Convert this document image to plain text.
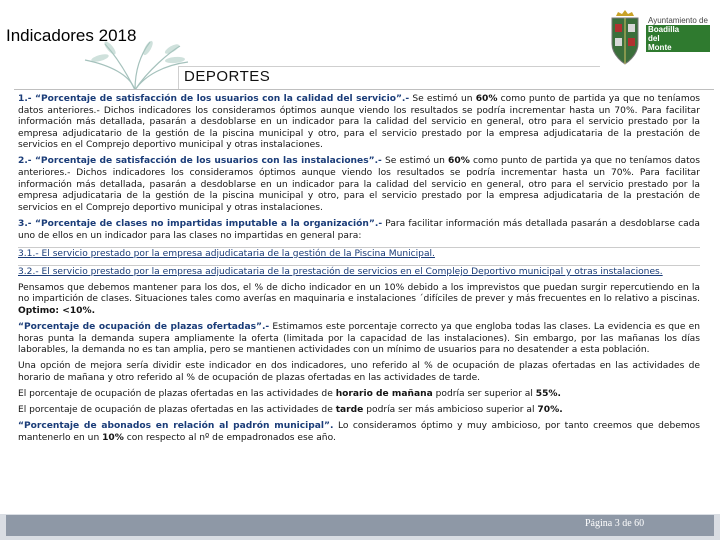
Indicadores 2018
Ayuntamiento de
Boadilla
del
Monte
DEPORTES

1.- “Porcentaje de satisfacción de los usuarios con la calidad del servicio”.- Se estimó un 60% como punto de partida ya que no teníamos datos anteriores.- Dichos indicadores los consideramos óptimos aunque viendo los resultados se podría incrementar hasta un 70%. Para facilitar información más detallada, pasarán a desdoblarse en un indicador para la calidad del servicio en general, otro para el servicio prestado por la empresa adjudicatario de la gestión de la piscina municipal y otro, para el servicio prestado por la empresa adjudicataria de la prestación de servicios en el Comprejo deportivo municipal y otras instalaciones.

2.- “Porcentaje de satisfacción de los usuarios con las instalaciones”.- Se estimó un 60% como punto de partida ya que no teníamos datos anteriores.- Dichos indicadores los consideramos óptimos aunque viendo los resultados se podría incrementar hasta un 70%. Para facilitar información más detallada, pasarán a desdoblarse en un indicador para la calidad del servicio en general, otro para el servicio prestado por la empresa adjudicataria de la gestión de la piscina municipal y otro, para el servicio prestado por la empresa adjudicataria de la prestación de servicios en el Comprejo deportivo municipal y otras instalaciones.

3.- “Porcentaje de clases no impartidas imputable a la organización”.- Para facilitar información más detallada pasarán a desdoblarse cada uno de ellos en un indicador para las clases no impartidas en general para:

3.1.- El servicio prestado por la empresa adjudicataria de la gestión de la Piscina Municipal.

3.2.- El servicio prestado por la empresa adjudicataria de la prestación de servicios en el Complejo Deportivo municipal y otras instalaciones.

Pensamos que debemos mantener para los dos, el % de dicho indicador en un 10% debido a los imprevistos que puedan surgir repercutiendo en la no impartición de clases. Situaciones tales como averías en maquinaria e instalaciones ´difíciles de prever y más frecuentes en lo relativo a piscinas. Optimo: <10%.

“Porcentaje de ocupación de plazas ofertadas”.- Estimamos este porcentaje correcto ya que engloba todas las clases. La evidencia es que en horas punta la demanda supera ampliamente la oferta (limitada por la capacidad de las instalaciones). Sin embargo, por las mañanas los días laborables, la demanda no es tan amplia, pero se mantienen actividades con un mínimo de usuarios para no desatender a esta población.

Una opción de mejora sería dividir este indicador en dos indicadores, uno referido al % de ocupación de plazas ofertadas en las actividades de horario de mañana y otro referido al % de ocupación de plazas ofertadas en las actividades de tarde.

El porcentaje de ocupación de plazas ofertadas en las actividades de horario de mañana podría ser superior al 55%.

El porcentaje de ocupación de plazas ofertadas en las actividades de tarde podría ser más ambicioso superior al 70%.

“Porcentaje de abonados en relación al padrón municipal”. Lo consideramos óptimo y muy ambicioso, por tanto creemos que debemos mantenerlo en un 10% con respecto al nº de empadronados ese año.

Página 3 de 60
